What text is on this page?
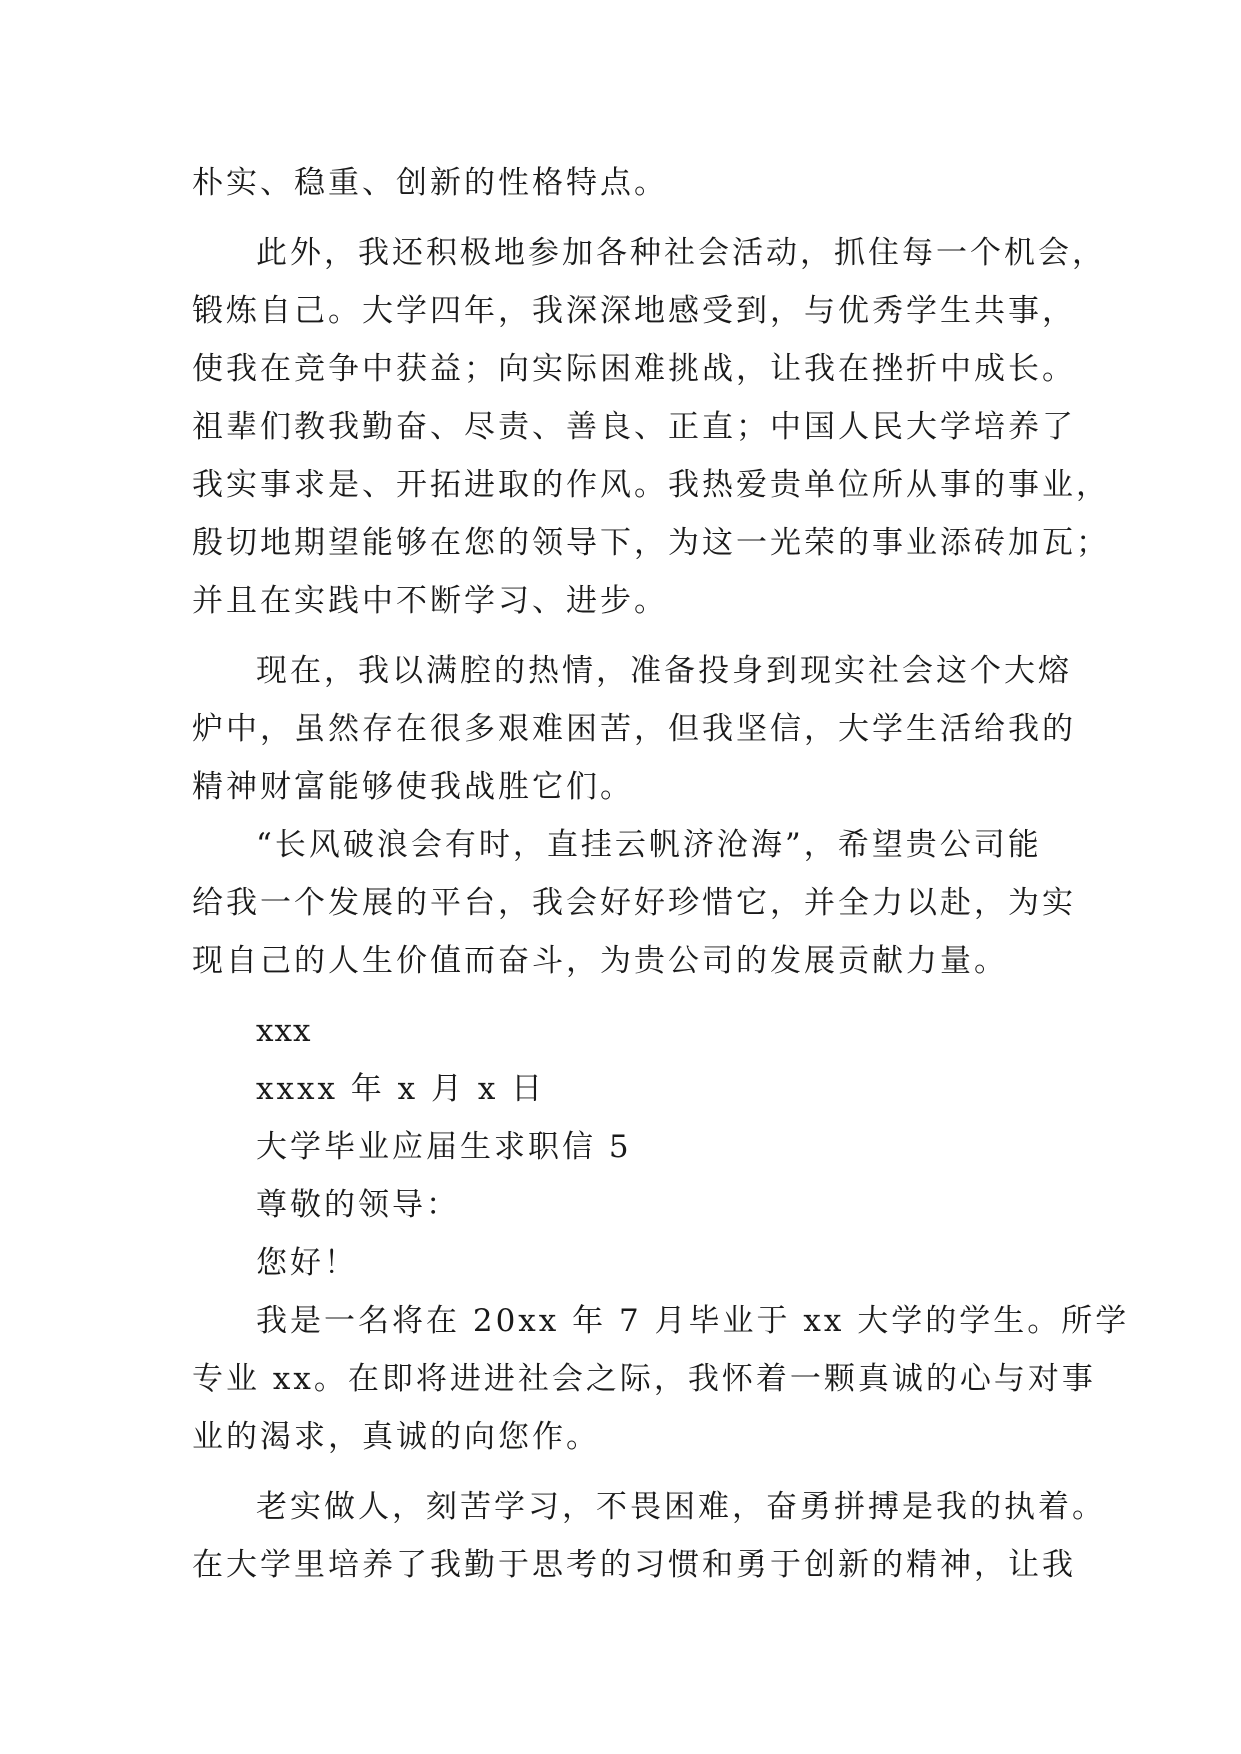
朴实、稳重、创新的性格特点。
此外，我还积极地参加各种社会活动，抓住每一个机会，
锻炼自己。大学四年，我深深地感受到，与优秀学生共事，
使我在竞争中获益；向实际困难挑战，让我在挫折中成长。
祖辈们教我勤奋、尽责、善良、正直；中国人民大学培养了
我实事求是、开拓进取的作风。我热爱贵单位所从事的事业，
殷切地期望能够在您的领导下，为这一光荣的事业添砖加瓦；
并且在实践中不断学习、进步。
现在，我以满腔的热情，准备投身到现实社会这个大熔
炉中，虽然存在很多艰难困苦，但我坚信，大学生活给我的
精神财富能够使我战胜它们。
“长风破浪会有时，直挂云帆济沧海”，希望贵公司能
给我一个发展的平台，我会好好珍惜它，并全力以赴，为实
现自己的人生价值而奋斗，为贵公司的发展贡献力量。
xxx
xxxx 年 x 月 x 日
大学毕业应届生求职信 5
尊敬的领导：
您好！
我是一名将在 20xx 年 7 月毕业于 xx 大学的学生。所学
专业 xx。在即将进进社会之际，我怀着一颗真诚的心与对事
业的渴求，真诚的向您作。
老实做人，刻苦学习，不畏困难，奋勇拼搏是我的执着。
在大学里培养了我勤于思考的习惯和勇于创新的精神，让我
